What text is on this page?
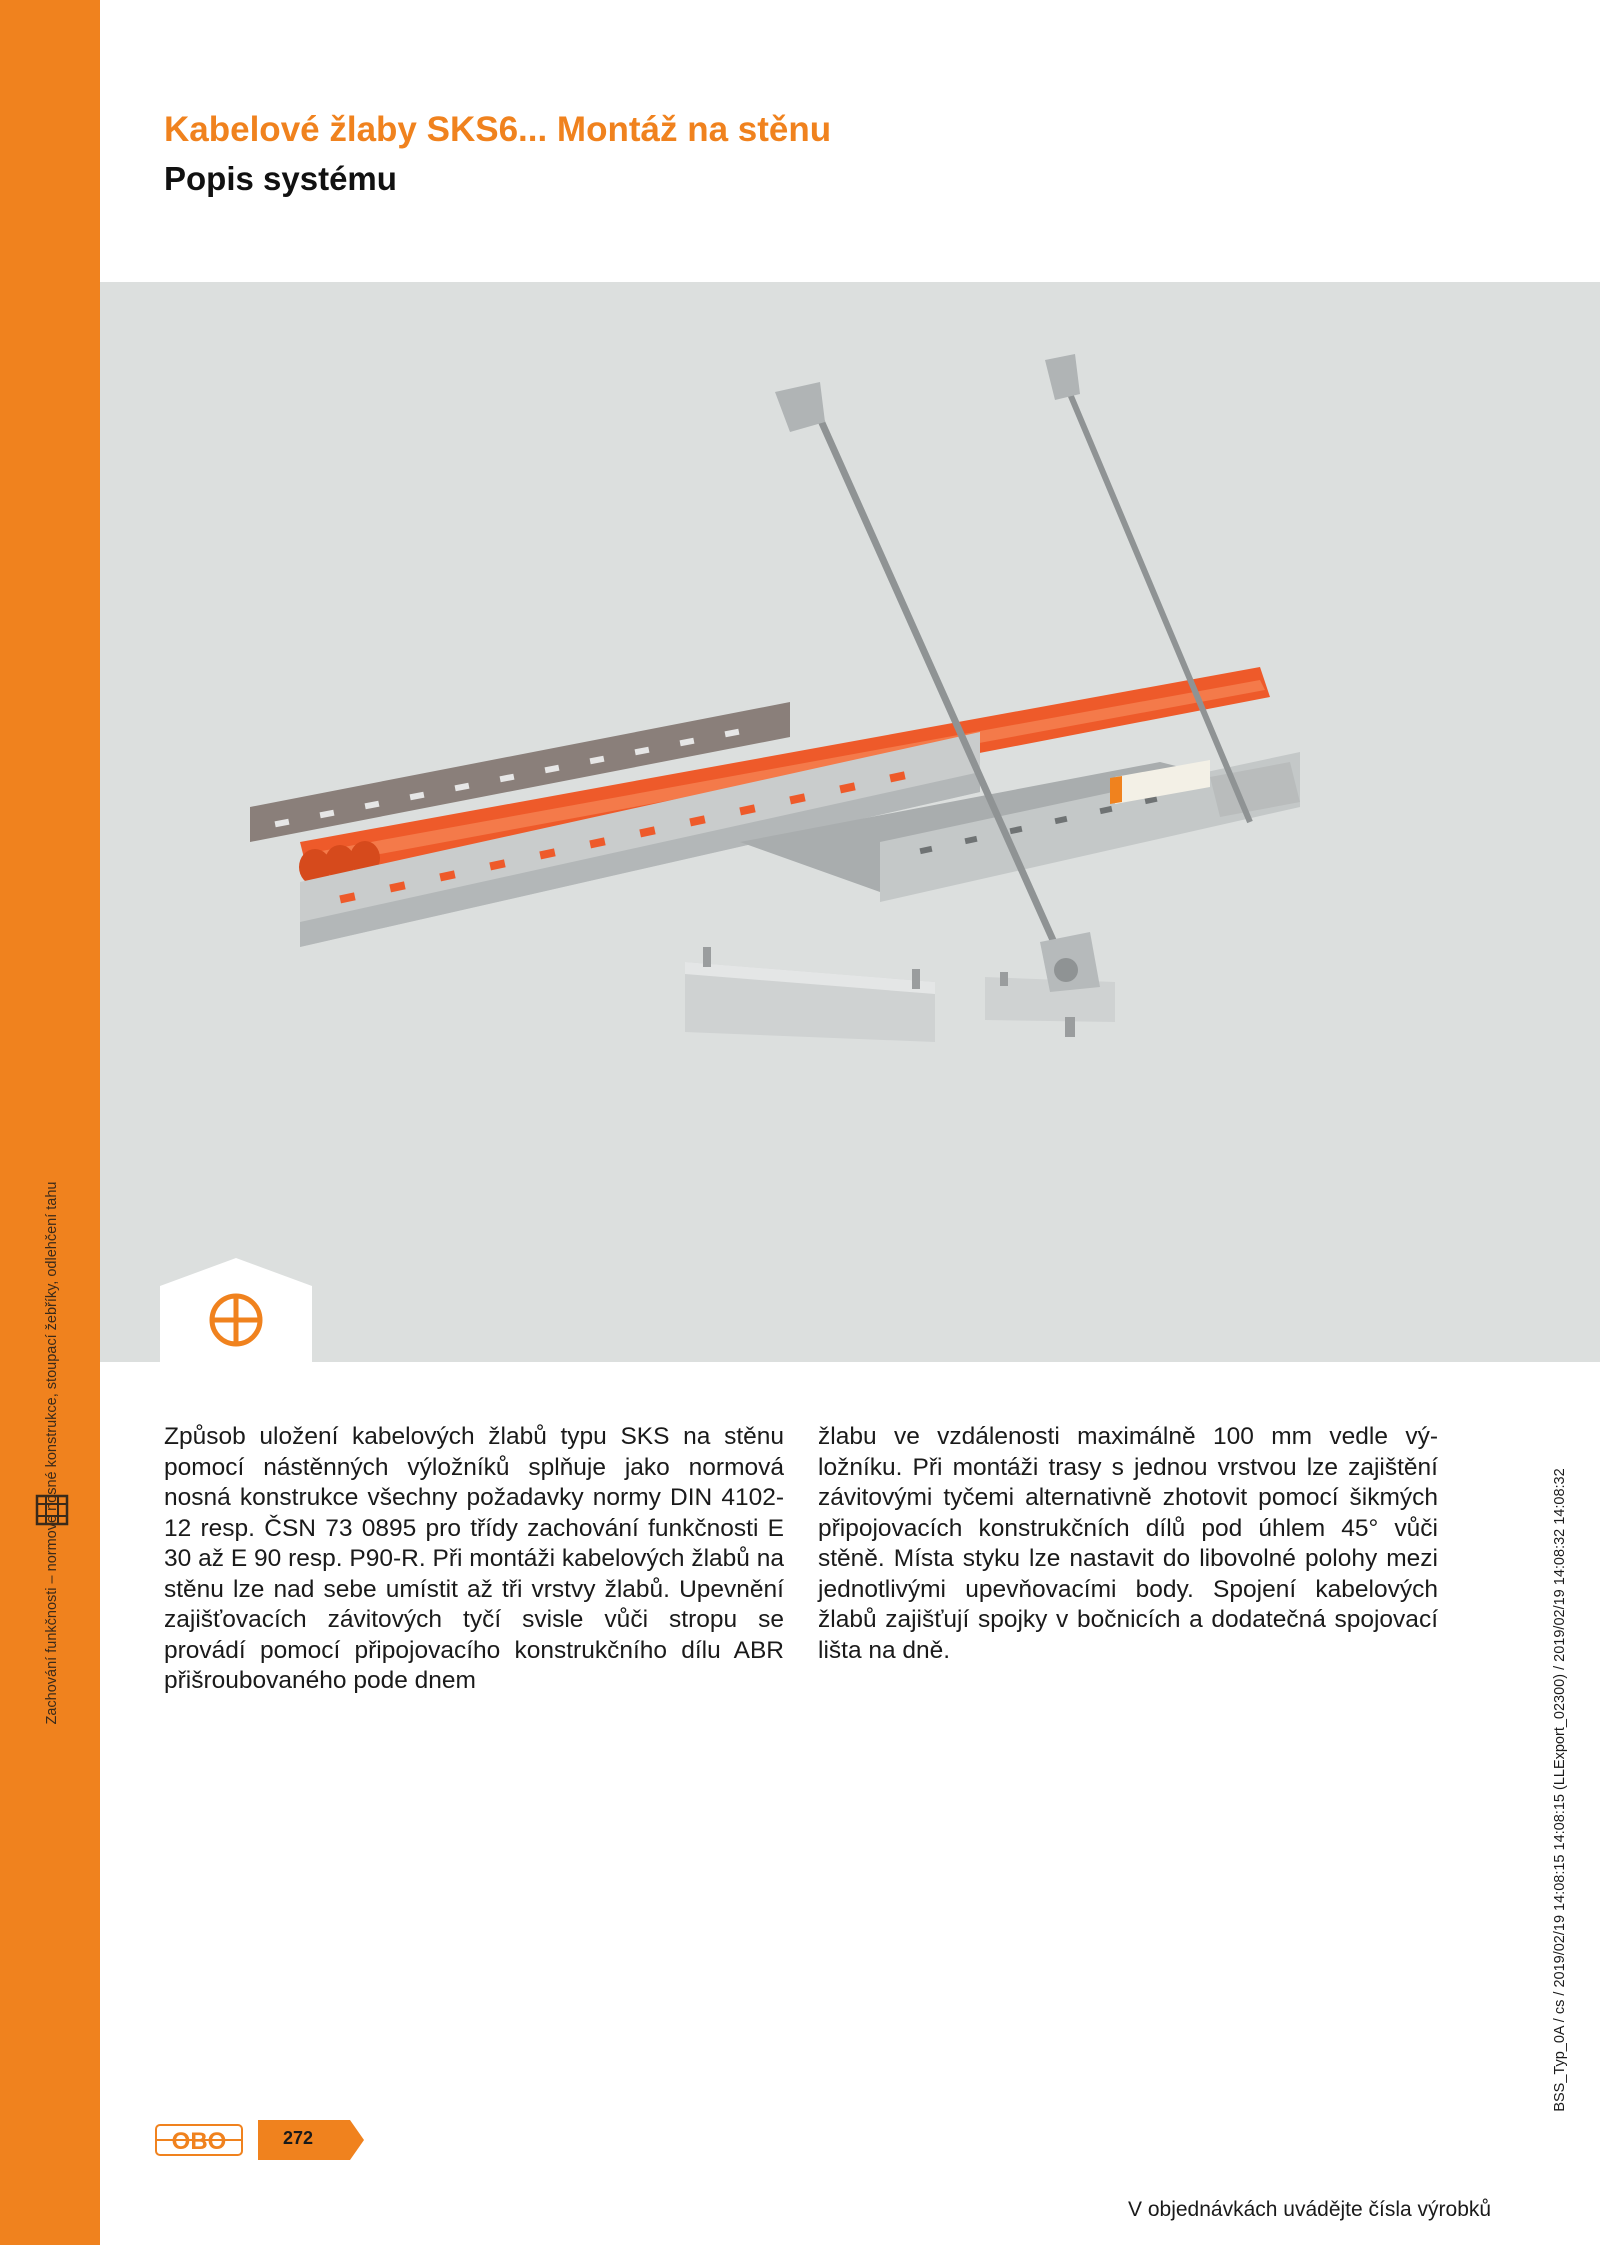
Zachování funkčnosti – normové nosné konstrukce, stoupací žebříky, odlehčení tahu
Kabelové žlaby SKS6... Montáž na stěnu
Popis systému

Způsob uložení kabelových žlabů typu SKS na stěnu pomocí nástěnných výložníků splňuje jako normová nosná konstrukce všechny požadavky normy DIN 4102-12 resp. ČSN 73 0895 pro třídy zachování funkčnosti E 30 až E 90 resp. P90-R. Při montáži kabelových žlabů na stěnu lze nad sebe umístit až tři vrstvy žlabů. Upevnění zajišťovacích závitových tyčí svisle vůči stropu se provádí pomocí připojovacího konstrukčního dílu ABR přišroubovaného pode dnem

žlabu ve vzdálenosti maximálně 100 mm vedle výložníku. Při montáži trasy s jednou vrstvou lze zajištění závitovými tyčemi alternativně zhotovit pomocí šikmých připojovacích konstrukčních dílů pod úhlem 45° vůči stěně. Místa styku lze nastavit do libovolné polohy mezi jednotlivými upevňovacími body. Spojení kabelových žlabů zajišťují spojky v bočnicích a dodatečná spojovací lišta na dně.	BSS_Typ_0A / cs / 2019/02/19 14:08:15 14:08:15 (LLExport_02300) / 2019/02/19 14:08:32 14:08:32
OBO	272
V objednávkách uvádějte čísla výrobků
